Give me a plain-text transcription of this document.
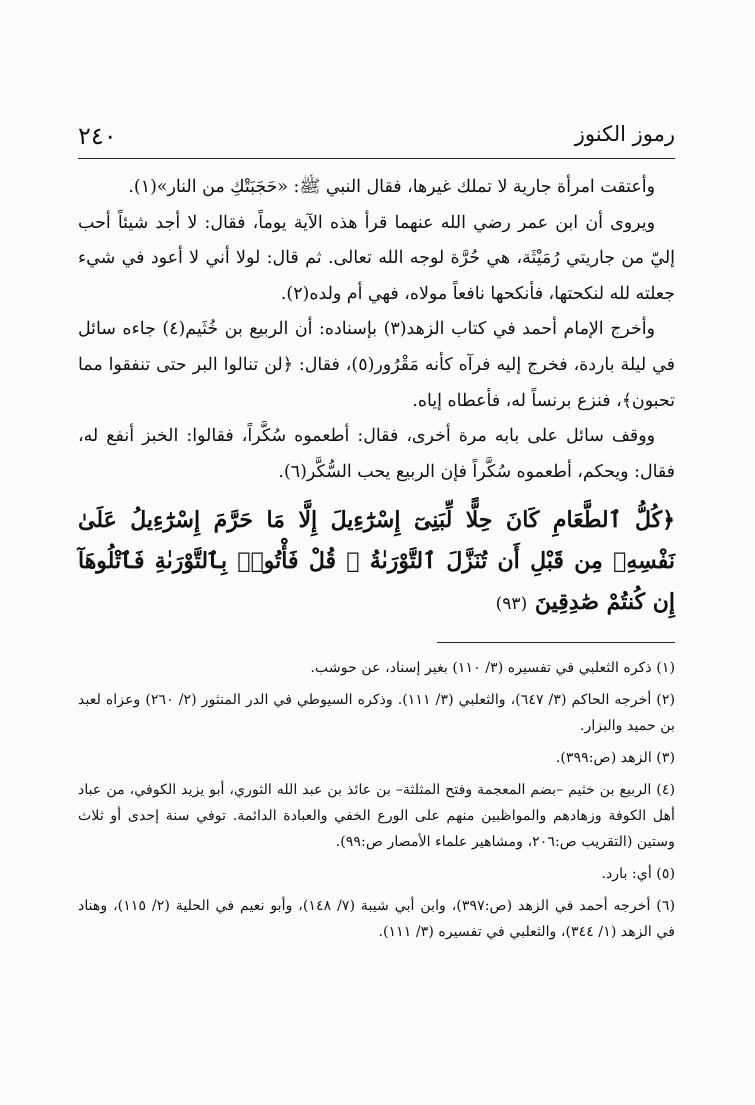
رموز الكنوز
٢٤٠

وأعتقت امرأة جارية لا تملك غيرها، فقال النبي ﷺ: «حَجَبَتْكِ من النار»(١).

ويروى أن ابن عمر رضي الله عنهما قرأ هذه الآية يوماً، فقال: لا أجد شيئاً أحب إليّ من جاريتي رُمَيْثَة، هي حُرَّة لوجه الله تعالى. ثم قال: لولا أني لا أعود في شيء جعلته لله لنكحتها، فأنكحها نافعاً مولاه، فهي أم ولده(٢).

وأخرج الإمام أحمد في كتاب الزهد(٣) بإسناده: أن الربيع بن خُثَيم(٤) جاءه سائل في ليلة باردة، فخرج إليه فرآه كأنه مَقْرُور(٥)، فقال: ﴿لن تنالوا البر حتى تنفقوا مما تحبون﴾، فنزع برنساً له، فأعطاه إياه.

ووقف سائل على بابه مرة أخرى، فقال: أطعموه سُكَّراً، فقالوا: الخبز أنفع له، فقال: ويحكم، أطعموه سُكَّراً فإن الربيع يحب السُّكَّر(٦).

﴿كُلُّ ٱلطَّعَامِ كَانَ حِلًّا لِّبَنِىٓ إِسْرَٰٓءِيلَ إِلَّا مَا حَرَّمَ إِسْرَٰٓءِيلُ عَلَىٰ نَفْسِهِۦ مِن قَبْلِ أَن تُنَزَّلَ ٱلتَّوْرَىٰةُ ۗ قُلْ فَأْتُوا۟ بِٱلتَّوْرَىٰةِ فَٱتْلُوهَآ إِن كُنتُمْ صَٰدِقِينَ (٩٣)

(١) ذكره الثعلبي في تفسيره (٣/ ١١٠) بغير إسناد، عن حوشب.

(٢) أخرجه الحاكم (٣/ ٦٤٧)، والثعلبي (٣/ ١١١). وذكره السيوطي في الدر المنثور (٢/ ٢٦٠) وعزاه لعبد بن حميد والبزار.

(٣) الزهد (ص:٣٩٩).

(٤) الربيع بن خثيم –بضم المعجمة وفتح المثلثة– بن عائذ بن عبد الله الثوري، أبو يزيد الكوفي، من عباد أهل الكوفة وزهادهم والمواظبين منهم على الورع الخفي والعبادة الدائمة. توفي سنة إحدى أو ثلاث وستين (التقريب ص:٢٠٦، ومشاهير علماء الأمصار ص:٩٩).

(٥) أي: بارد.

(٦) أخرجه أحمد في الزهد (ص:٣٩٧)، وابن أبي شيبة (٧/ ١٤٨)، وأبو نعيم في الحلية (٢/ ١١٥)، وهناد في الزهد (١/ ٣٤٤)، والثعلبي في تفسيره (٣/ ١١١).
